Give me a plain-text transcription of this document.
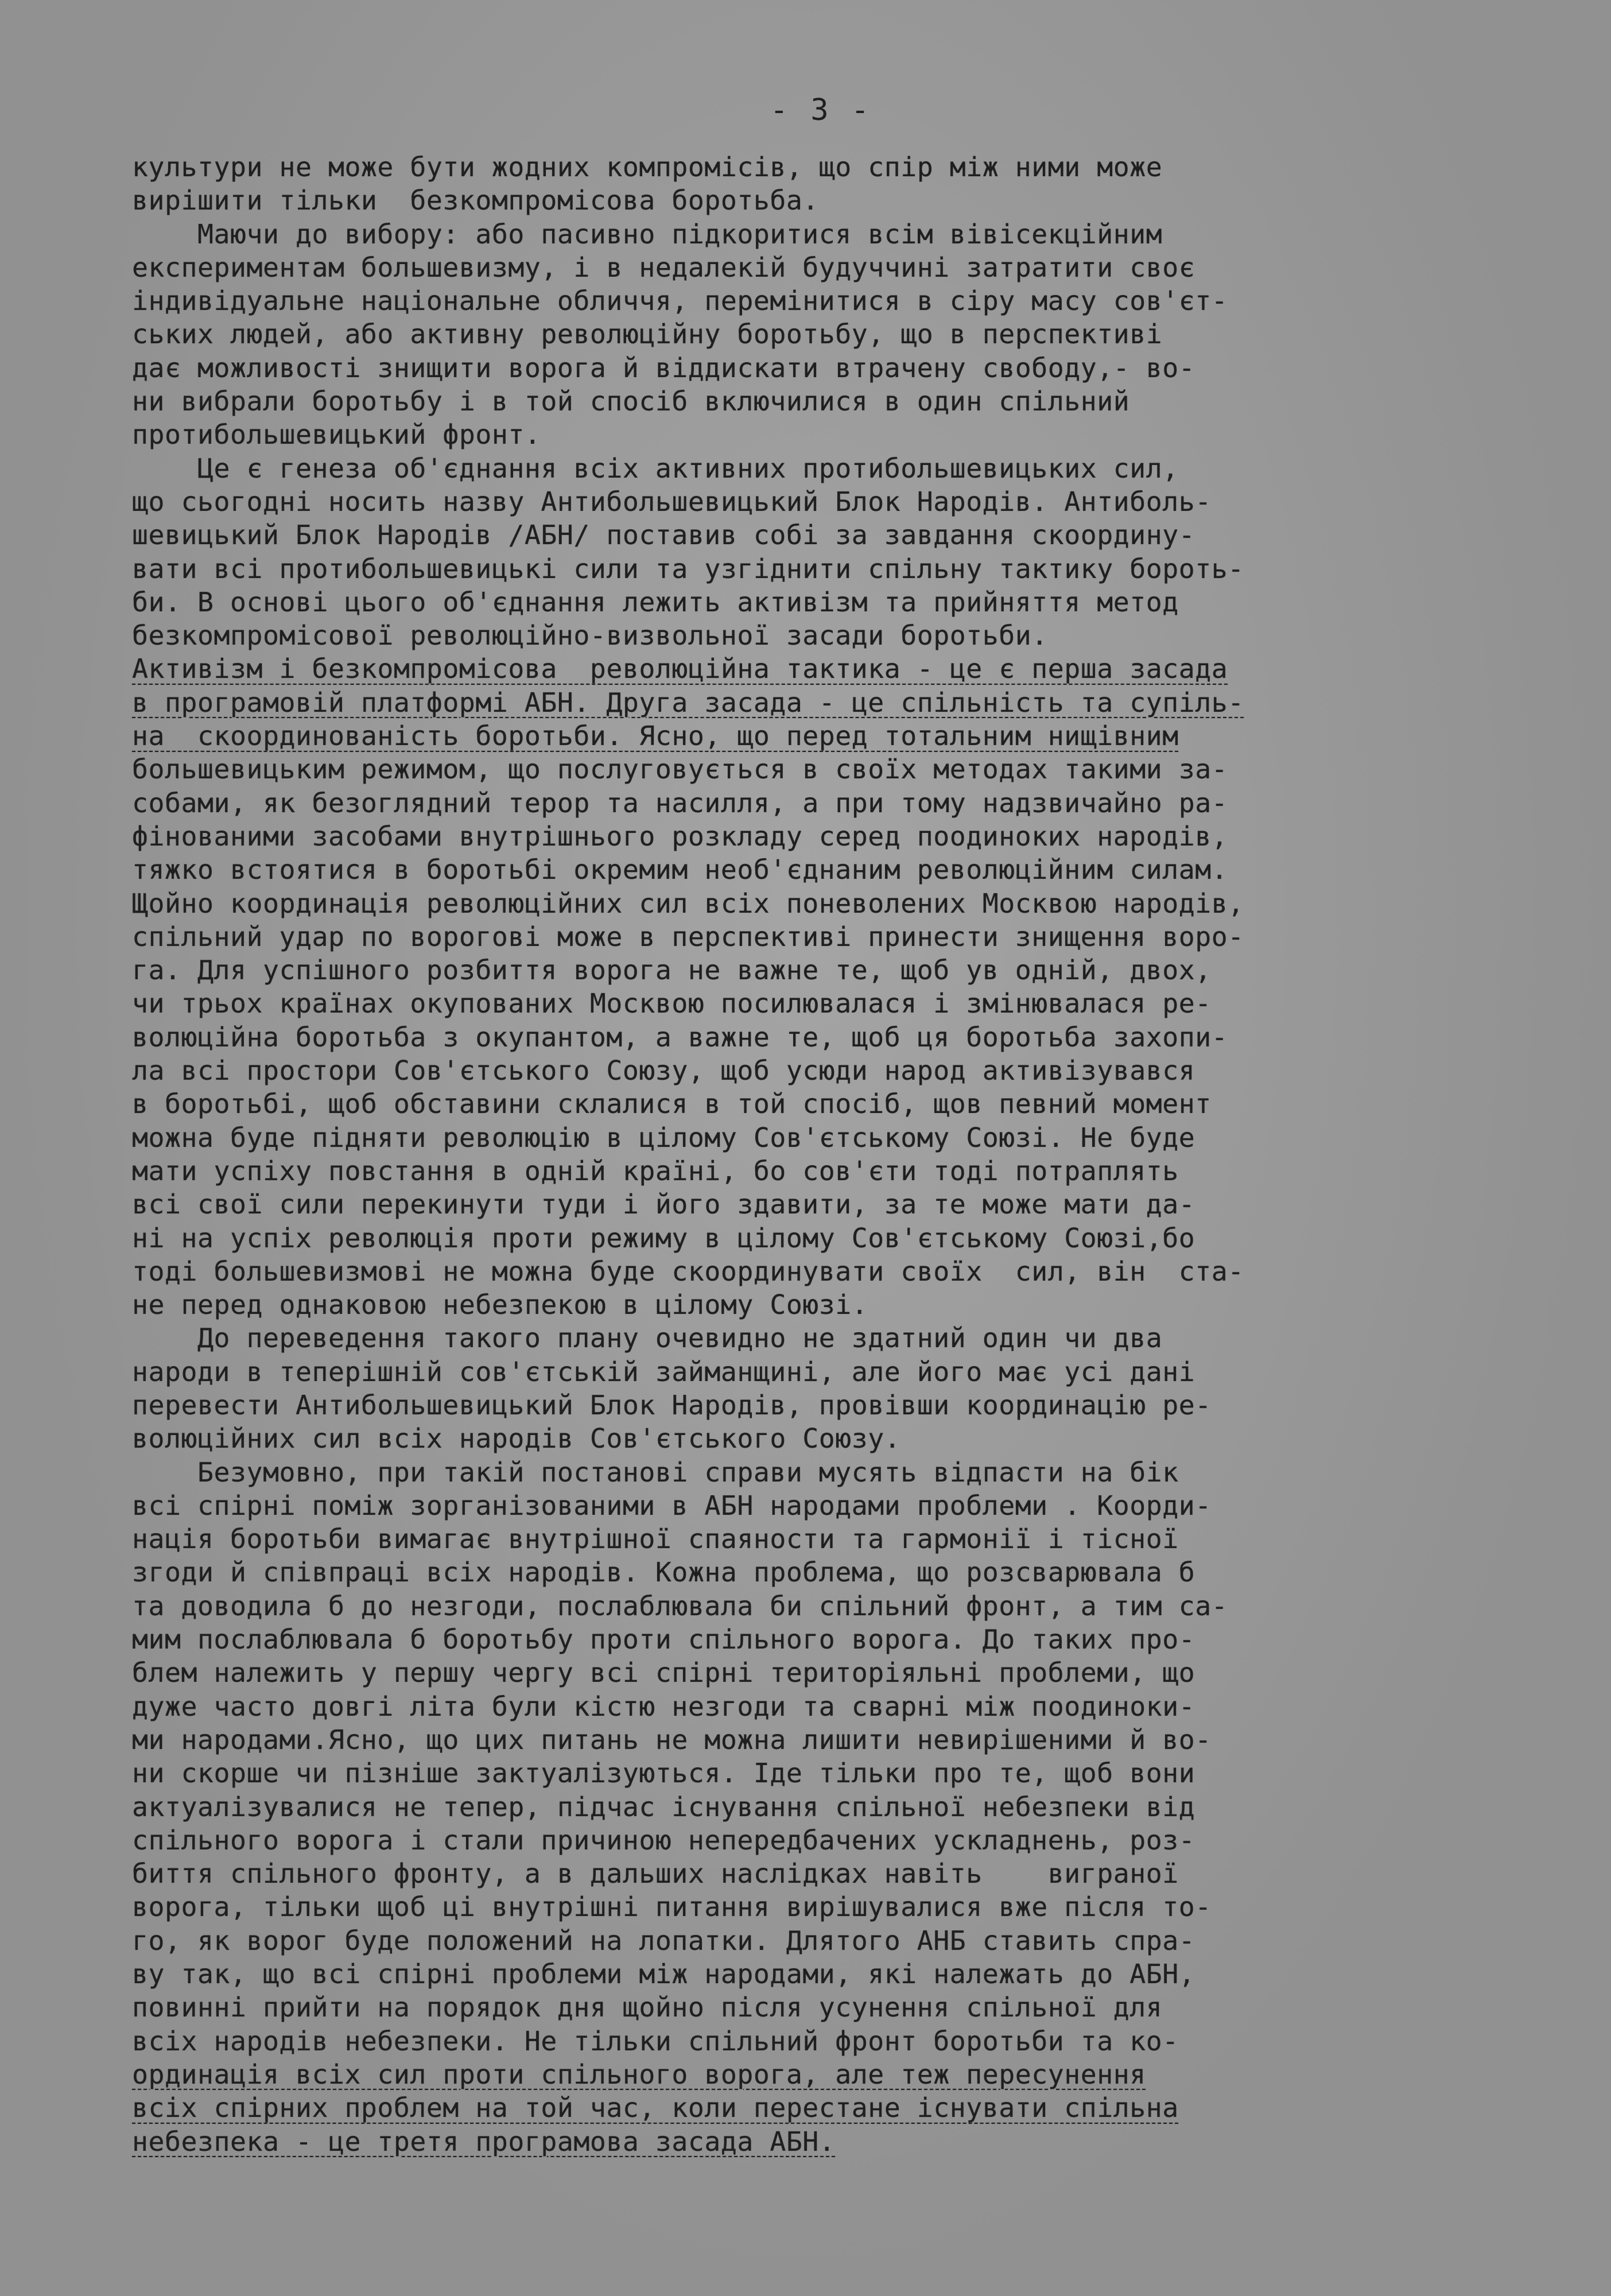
- 3 -
культури не може бути жодних компромісів, що спір між ними може
вирішити тільки  безкомпромісова боротьба.
Маючи до вибору: або пасивно підкоритися всім вівісекційним
експериментам большевизму, і в недалекій будуччині затратити своє
індивідуальне національне обличчя, перемінитися в сіру масу сов'єт-
ських людей, або активну революційну боротьбу, що в перспективі
дає можливості знищити ворога й віддискати втрачену свободу,- во-
ни вибрали боротьбу і в той спосіб включилися в один спільний
протибольшевицький фронт.
Це є генеза об'єднання всіх активних протибольшевицьких сил,
що сьогодні носить назву Антибольшевицький Блок Народів. Антиболь-
шевицький Блок Народів /АБН/ поставив собі за завдання скоордину-
вати всі протибольшевицькі сили та узгіднити спільну тактику бороть-
би. В основі цього об'єднання лежить активізм та прийняття метод
безкомпромісової революційно-визвольної засади боротьби.
Активізм і безкомпромісова  революційна тактика - це є перша засада
в програмовій платформі АБН. Друга засада - це спільність та супіль-
на  скоординованість боротьби. Ясно, що перед тотальним нищівним
большевицьким режимом, що послуговується в своїх методах такими за-
собами, як безоглядний терор та насилля, а при тому надзвичайно ра-
фінованими засобами внутрішнього розкладу серед поодиноких народів,
тяжко встоятися в боротьбі окремим необ'єднаним революційним силам.
Щойно координація революційних сил всіх поневолених Москвою народів,
спільний удар по ворогові може в перспективі принести знищення воро-
га. Для успішного розбиття ворога не важне те, щоб ув одній, двох,
чи трьох країнах окупованих Москвою посилювалася і змінювалася ре-
волюційна боротьба з окупантом, а важне те, щоб ця боротьба захопи-
ла всі простори Сов'єтського Союзу, щоб усюди народ активізувався
в боротьбі, щоб обставини склалися в той спосіб, щов певний момент
можна буде підняти революцію в цілому Сов'єтському Союзі. Не буде
мати успіху повстання в одній країні, бо сов'єти тоді потраплять
всі свої сили перекинути туди і його здавити, за те може мати да-
ні на успіх революція проти режиму в цілому Сов'єтському Союзі,бо
тоді большевизмові не можна буде скоординувати своїх  сил, він  ста-
не перед однаковою небезпекою в цілому Союзі.
До переведення такого плану очевидно не здатний один чи два
народи в теперішній сов'єтській займанщині, але його має усі дані
перевести Антибольшевицький Блок Народів, провівши координацію ре-
волюційних сил всіх народів Сов'єтського Союзу.
Безумовно, при такій постанові справи мусять відпасти на бік
всі спірні поміж зорганізованими в АБН народами проблеми . Коорди-
нація боротьби вимагає внутрішної спаяности та гармонії і тісної
згоди й співпраці всіх народів. Кожна проблема, що розсварювала б
та доводила б до незгоди, послаблювала би спільний фронт, а тим са-
мим послаблювала б боротьбу проти спільного ворога. До таких про-
блем належить у першу чергу всі спірні територіяльні проблеми, що
дуже часто довгі літа були кістю незгоди та сварні між поодиноки-
ми народами.Ясно, що цих питань не можна лишити невирішеними й во-
ни скорше чи пізніше зактуалізуються. Іде тільки про те, щоб вони
актуалізувалися не тепер, підчас існування спільної небезпеки від
спільного ворога і стали причиною непередбачених ускладнень, роз-
биття спільного фронту, а в дальших наслідках навіть    виграної
ворога, тільки щоб ці внутрішні питання вирішувалися вже після то-
го, як ворог буде положений на лопатки. Длятого АНБ ставить спра-
ву так, що всі спірні проблеми між народами, які належать до АБН,
повинні прийти на порядок дня щойно після усунення спільної для
всіх народів небезпеки. Не тільки спільний фронт боротьби та ко-
ординація всіх сил проти спільного ворога, але теж пересунення
всіх спірних проблем на той час, коли перестане існувати спільна
небезпека - це третя програмова засада АБН.
